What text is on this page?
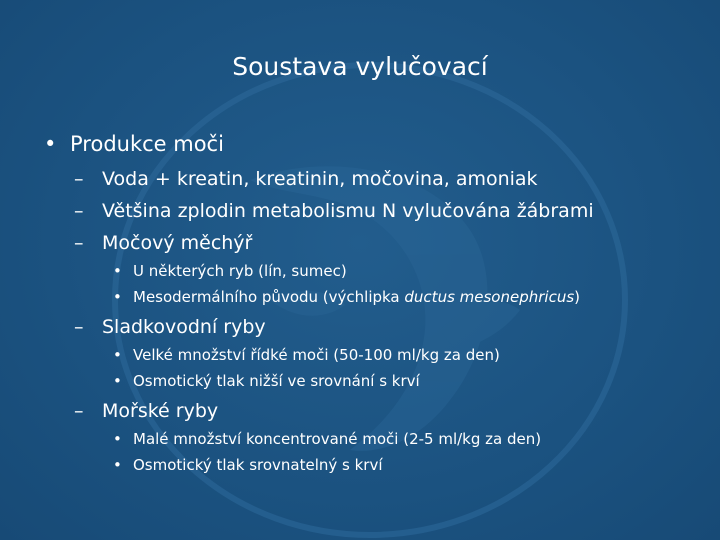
Soustava vylučovací
• Produkce moči
– Voda + kreatin, kreatinin, močovina, amoniak
– Většina zplodin metabolismu N vylučována žábrami
– Močový měchýř
• U některých ryb (lín, sumec)
• Mesodermálního původu (výchlipka ductus mesonephricus)
– Sladkovodní ryby
• Velké množství řídké moči (50-100 ml/kg za den)
• Osmotický tlak nižší ve srovnání s krví
– Mořské ryby
• Malé množství koncentrované moči (2-5 ml/kg za den)
• Osmotický tlak srovnatelný s krví
